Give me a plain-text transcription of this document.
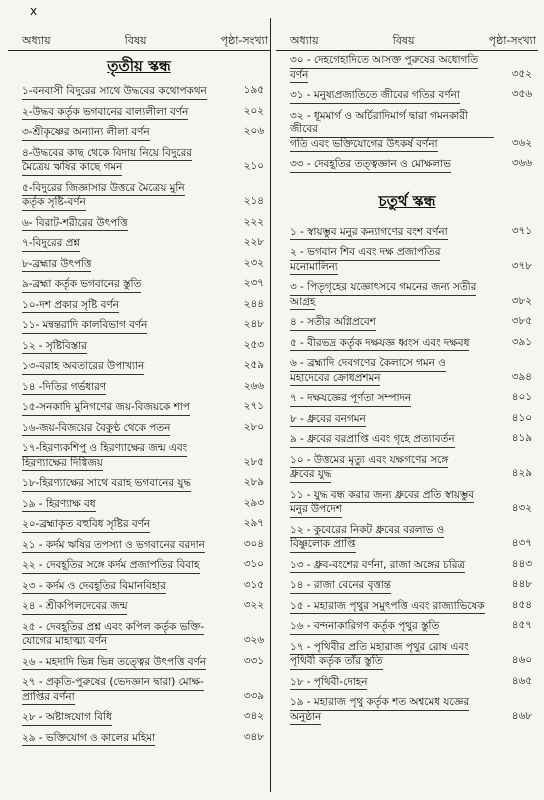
x
অধ্যায়	বিষয়	পৃষ্ঠা-সংখ্যা
তৃতীয় স্কন্ধ
১-বনবাসী বিদুরের সাথে উদ্ধবের কথোপকথন	১৯৫
২-উদ্ধব কর্তৃক ভগবানের বাল্যলীলা বর্ণন	২০২
৩-শ্রীকৃষ্ণের অন্যান্য লীলা বর্ণন	২০৬
৪-উদ্ধবের কাছ থেকে বিদায় নিয়ে বিদুরের
মৈত্রেয় ঋষির কাছে গমন	২১০
৫-বিদুরের জিজ্ঞাসার উত্তরে মৈত্রেয় মুনি
কর্তৃক সৃষ্টি-বর্ণন	২১৪
৬- বিরাট-শরীরের উৎপত্তি	২২২
৭-বিদুরের প্রশ্ন	২২৮
৮-ব্রহ্মার উৎপত্তি	২৩২
৯-ব্রহ্মা কর্তৃক ভগবানের স্তুতি	২৩৭
১০-দশ প্রকার সৃষ্টি বর্ণন	২৪৪
১১- মন্বন্তরাদি কালবিভাগ বর্ণন	২৪৮
১২ - সৃষ্টিবিস্তার	২৫৩
১৩-বরাহ অবতারের উপাখ্যান	২৫৯
১৪ -দিতির গর্ভধারণ	২৬৬
১৫-সনকাদি মুনিগণের জয়-বিজয়কে শাপ	২৭১
১৬-জয়-বিজয়ের বৈকুণ্ঠ থেকে পতন	২৮০
১৭-হিরণ্যকশিপু ও হিরণ্যাক্ষের জন্ম এবং
হিরণ্যাক্ষের দিগ্বিজয়	২৮৫
১৮-হিরণ্যাক্ষের সাথে বরাহ ভগবানের যুদ্ধ	২৮৯
১৯ - হিরণ্যাক্ষ বধ	২৯৩
২০-ব্রহ্মাকৃত বহুবিধ সৃষ্টির বর্ণন	২৯৭
২১ - কর্দম ঋষির তপস্যা ও ভগবানের বরদান	৩০৪
২২ - দেবহূতির সঙ্গে কর্দম প্রজাপতির বিবাহ	৩১০
২৩ - কর্দম ও দেবহূতির বিমানবিহার	৩১৫
২৪ - শ্রীকপিলদেবের জন্ম	৩২২
২৫ - দেবহূতির প্রশ্ন এবং কপিল কর্তৃক ভক্তি-
যোগের মাহাত্ম্য বর্ণন	৩২৬
২৬ - মহদাদি ভিন্ন ভিন্ন তত্ত্বের উৎপত্তি বর্ণন	৩৩১
২৭ - প্রকৃতি-পুরুষের (ভেদজ্ঞান দ্বারা) মোক্ষ-
প্রাপ্তির বর্ণনা	৩৩৯
২৮ - অষ্টাঙ্গযোগ বিধি	৩৪২
২৯ - ভক্তিযোগ ও কালের মহিমা	৩৪৮
অধ্যায়	বিষয়	পৃষ্ঠা-সংখ্যা
৩০ - দেহগেহাদিতে আসক্ত পুরুষের অধোগতি
বর্ণন	৩৫২
৩১ - মনুষ্যপ্রজাতিতে জীবের গতির বর্ণনা	৩৫৬
৩২ - ধূমমার্গ ও অর্চিরাদিমার্গ দ্বারা গমনকারী জীবের
গতি এবং ভক্তিযোগের উৎকর্ষ বর্ণনা	৩৬২
৩৩ - দেবহূতির তত্ত্বজ্ঞান ও মোক্ষলাভ	৩৬৬
চতুর্থ স্কন্ধ
১ - স্বায়ম্ভুব মনুর কন্যাগণের বংশ বর্ণনা	৩৭১
২ - ভগবান শিব এবং দক্ষ প্রজাপতির
মনোমালিন্য	৩৭৮
৩ - পিতৃগৃহের যজ্ঞোৎসবে গমনের জন্য সতীর
আগ্রহ	৩৮২
৪ - সতীর অগ্নিপ্রবেশ	৩৮৫
৫ - বীরভদ্র কর্তৃক দক্ষযজ্ঞ ধ্বংস এবং দক্ষবধ	৩৯১
৬ - ব্রহ্মাদি দেবগণের কৈলাসে গমন ও
মহাদেবের ক্রোধপ্রশমন	৩৯৪
৭ - দক্ষযজ্ঞের পূর্ণতা সম্পাদন	৪০১
৮ - ধ্রুবের বনগমন	৪১০
৯ - ধ্রুবের বরপ্রাপ্তি এবং গৃহে প্রত্যাবর্তন	৪১৯
১০ - উত্তমের মৃত্যু এবং যক্ষগণের সঙ্গে
ধ্রুবের যুদ্ধ	৪২৯
১১ - যুদ্ধ বন্ধ করার জন্য ধ্রুবের প্রতি স্বায়ম্ভুব
মনুর উপদেশ	৪৩২
১২ - কুবেরের নিকট ধ্রুবের বরলাভ ও
বিষ্ণুলোক প্রাপ্তি	৪৩৭
১৩ - ধ্রুব-বংশের বর্ণনা, রাজা অঙ্গের চরিত্র	৪৪৩
১৪ - রাজা বেনের বৃত্তান্ত	৪৪৮
১৫ - মহারাজ পৃথুর সমুৎপত্তি এবং রাজ্যাভিষেক	৪৫৪
১৬ - বন্দনাকারিগণ কর্তৃক পৃথুর স্তুতি	৪৫৭
১৭ - পৃথিবীর প্রতি মহারাজ পৃথুর রোষ এবং
পৃথিবী কর্তৃক তাঁর স্তুতি	৪৬০
১৮ - পৃথিবী-দোহন	৪৬৫
১৯ - মহারাজ পৃথু কর্তৃক শত অশ্বমেধ যজ্ঞের
অনুষ্ঠান	৪৬৮
